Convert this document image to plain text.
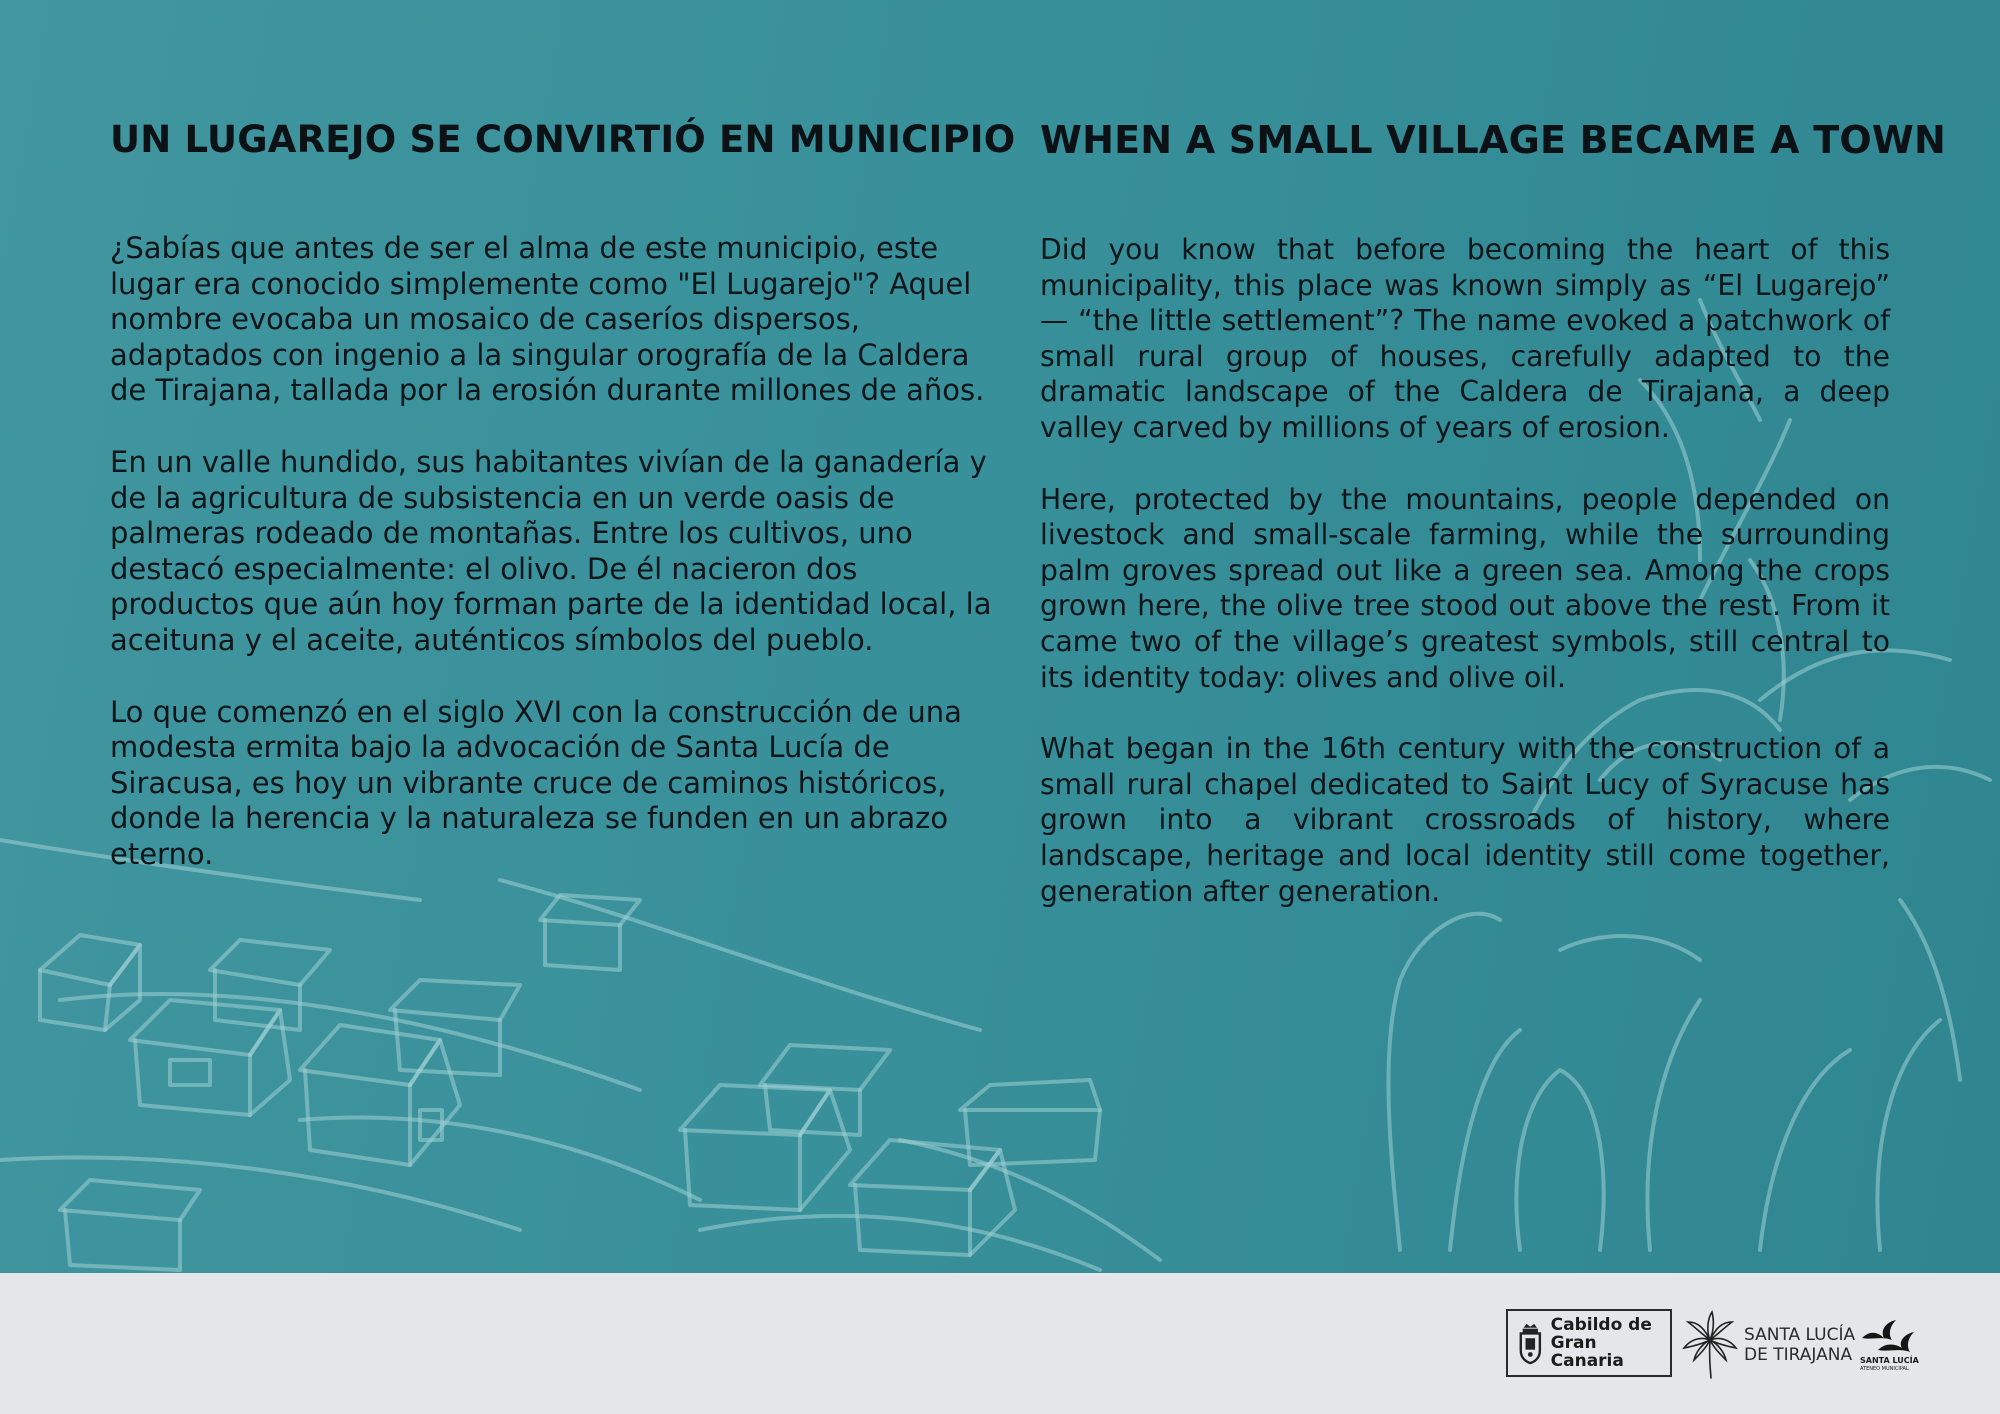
UN LUGAREJO SE CONVIRTIÓ EN MUNICIPIO

¿Sabías que antes de ser el alma de este municipio, este lugar era conocido simplemente como "El Lugarejo"? Aquel nombre evocaba un mosaico de caseríos dispersos, adaptados con ingenio a la singular orografía de la Caldera de Tirajana, tallada por la erosión durante millones de años.

En un valle hundido, sus habitantes vivían de la ganadería y de la agricultura de subsistencia en un verde oasis de palmeras rodeado de montañas. Entre los cultivos, uno destacó especialmente: el olivo. De él nacieron dos productos que aún hoy forman parte de la identidad local, la aceituna y el aceite, auténticos símbolos del pueblo.

Lo que comenzó en el siglo XVI con la construcción de una modesta ermita bajo la advocación de Santa Lucía de Siracusa, es hoy un vibrante cruce de caminos históricos, donde la herencia y la naturaleza se funden en un abrazo eterno.

WHEN A SMALL VILLAGE BECAME A TOWN

Did you know that before becoming the heart of this municipality, this place was known simply as “El Lugarejo” — “the little settlement”? The name evoked a patchwork of small rural group of houses, carefully adapted to the dramatic landscape of the Caldera de Tirajana, a deep valley carved by millions of years of erosion.

Here, protected by the mountains, people depended on livestock and small-scale farming, while the surrounding palm groves spread out like a green sea. Among the crops grown here, the olive tree stood out above the rest. From it came two of the village’s greatest symbols, still central to its identity today: olives and olive oil.

What began in the 16th century with the construction of a small rural chapel dedicated to Saint Lucy of Syracuse has grown into a vibrant crossroads of history, where landscape, heritage and local identity still come together, generation after generation.

Cabildo de
Gran Canaria
SANTA LUCÍA
DE TIRAJANA SANTA LUCÍA
ATENEO MUNICIPAL
